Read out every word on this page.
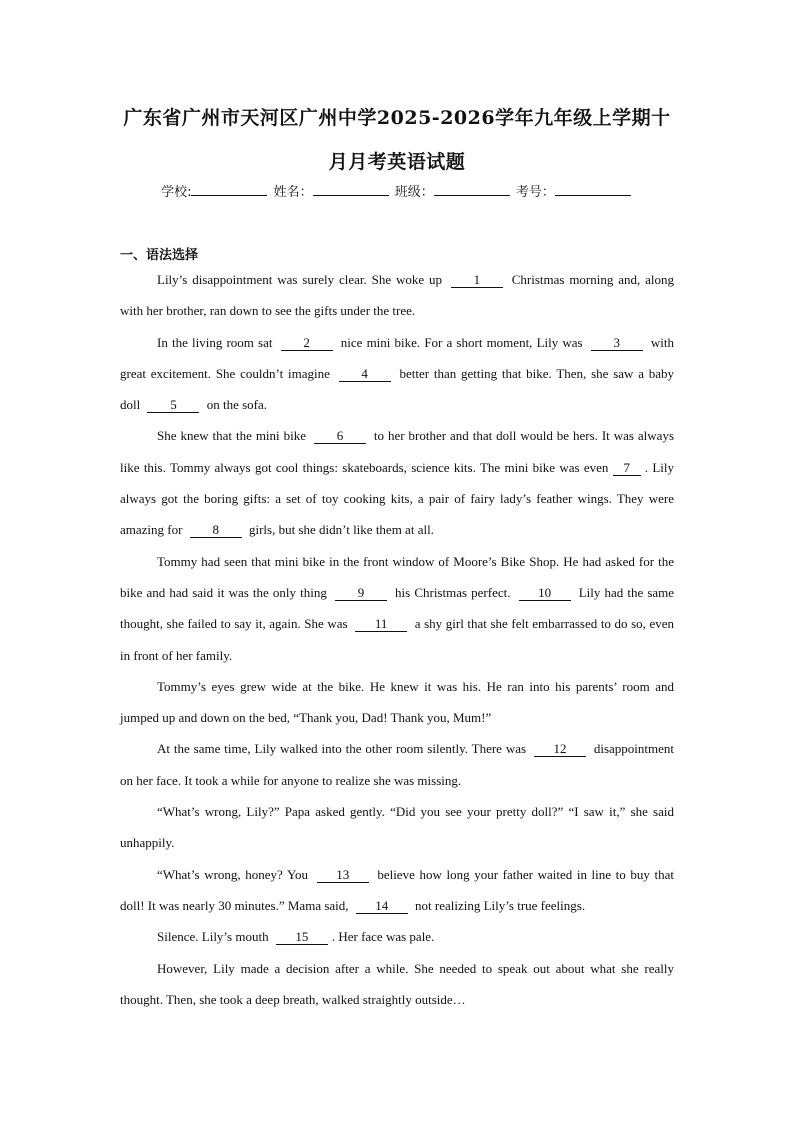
广东省广州市天河区广州中学2025-2026学年九年级上学期十
月月考英语试题
学校:	姓名：	班级：	考号：
一、语法选择

Lily’s disappointment was surely clear. She woke up 1 Christmas morning and, along with her brother, ran down to see the gifts under the tree.

In the living room sat 2 nice mini bike. For a short moment, Lily was 3 with great excitement. She couldn’t imagine 4 better than getting that bike. Then, she saw a baby doll 5 on the sofa.

She knew that the mini bike 6 to her brother and that doll would be hers. It was always like this. Tommy always got cool things: skateboards, science kits. The mini bike was even 7 . Lily always got the boring gifts: a set of toy cooking kits, a pair of fairy lady’s feather wings. They were amazing for 8 girls, but she didn’t like them at all.

Tommy had seen that mini bike in the front window of Moore’s Bike Shop. He had asked for the bike and had said it was the only thing 9 his Christmas perfect. 10 Lily had the same thought, she failed to say it, again. She was 11 a shy girl that she felt embarrassed to do so, even in front of her family.

Tommy’s eyes grew wide at the bike. He knew it was his. He ran into his parents’ room and jumped up and down on the bed, “Thank you, Dad! Thank you, Mum!”

At the same time, Lily walked into the other room silently. There was 12 disappointment on her face. It took a while for anyone to realize she was missing.

“What’s wrong, Lily?” Papa asked gently. “Did you see your pretty doll?” “I saw it,” she said unhappily.

“What’s wrong, honey? You 13 believe how long your father waited in line to buy that doll! It was nearly 30 minutes.” Mama said, 14 not realizing Lily’s true feelings.

Silence. Lily’s mouth 15 . Her face was pale.

However, Lily made a decision after a while. She needed to speak out about what she really thought. Then, she took a deep breath, walked straightly outside…
